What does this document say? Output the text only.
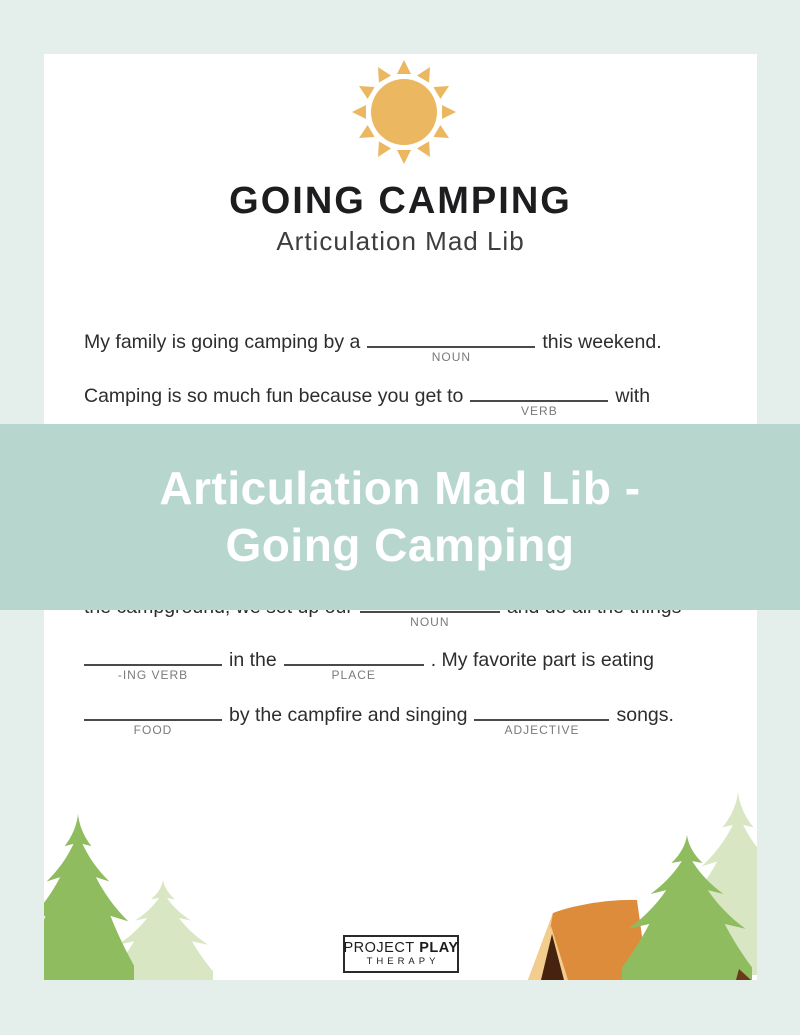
GOING CAMPING
Articulation Mad Lib
My family is going camping by a
NOUN
this weekend.
Camping is so much fun because you get to
VERB
with
NOUN
-ING VERB
in the
PLACE
. My favorite part is eating
FOOD
by the campfire and singing
ADJECTIVE
songs.
PROJECT PLAY
THERAPY
Articulation Mad Lib -
Going Camping
